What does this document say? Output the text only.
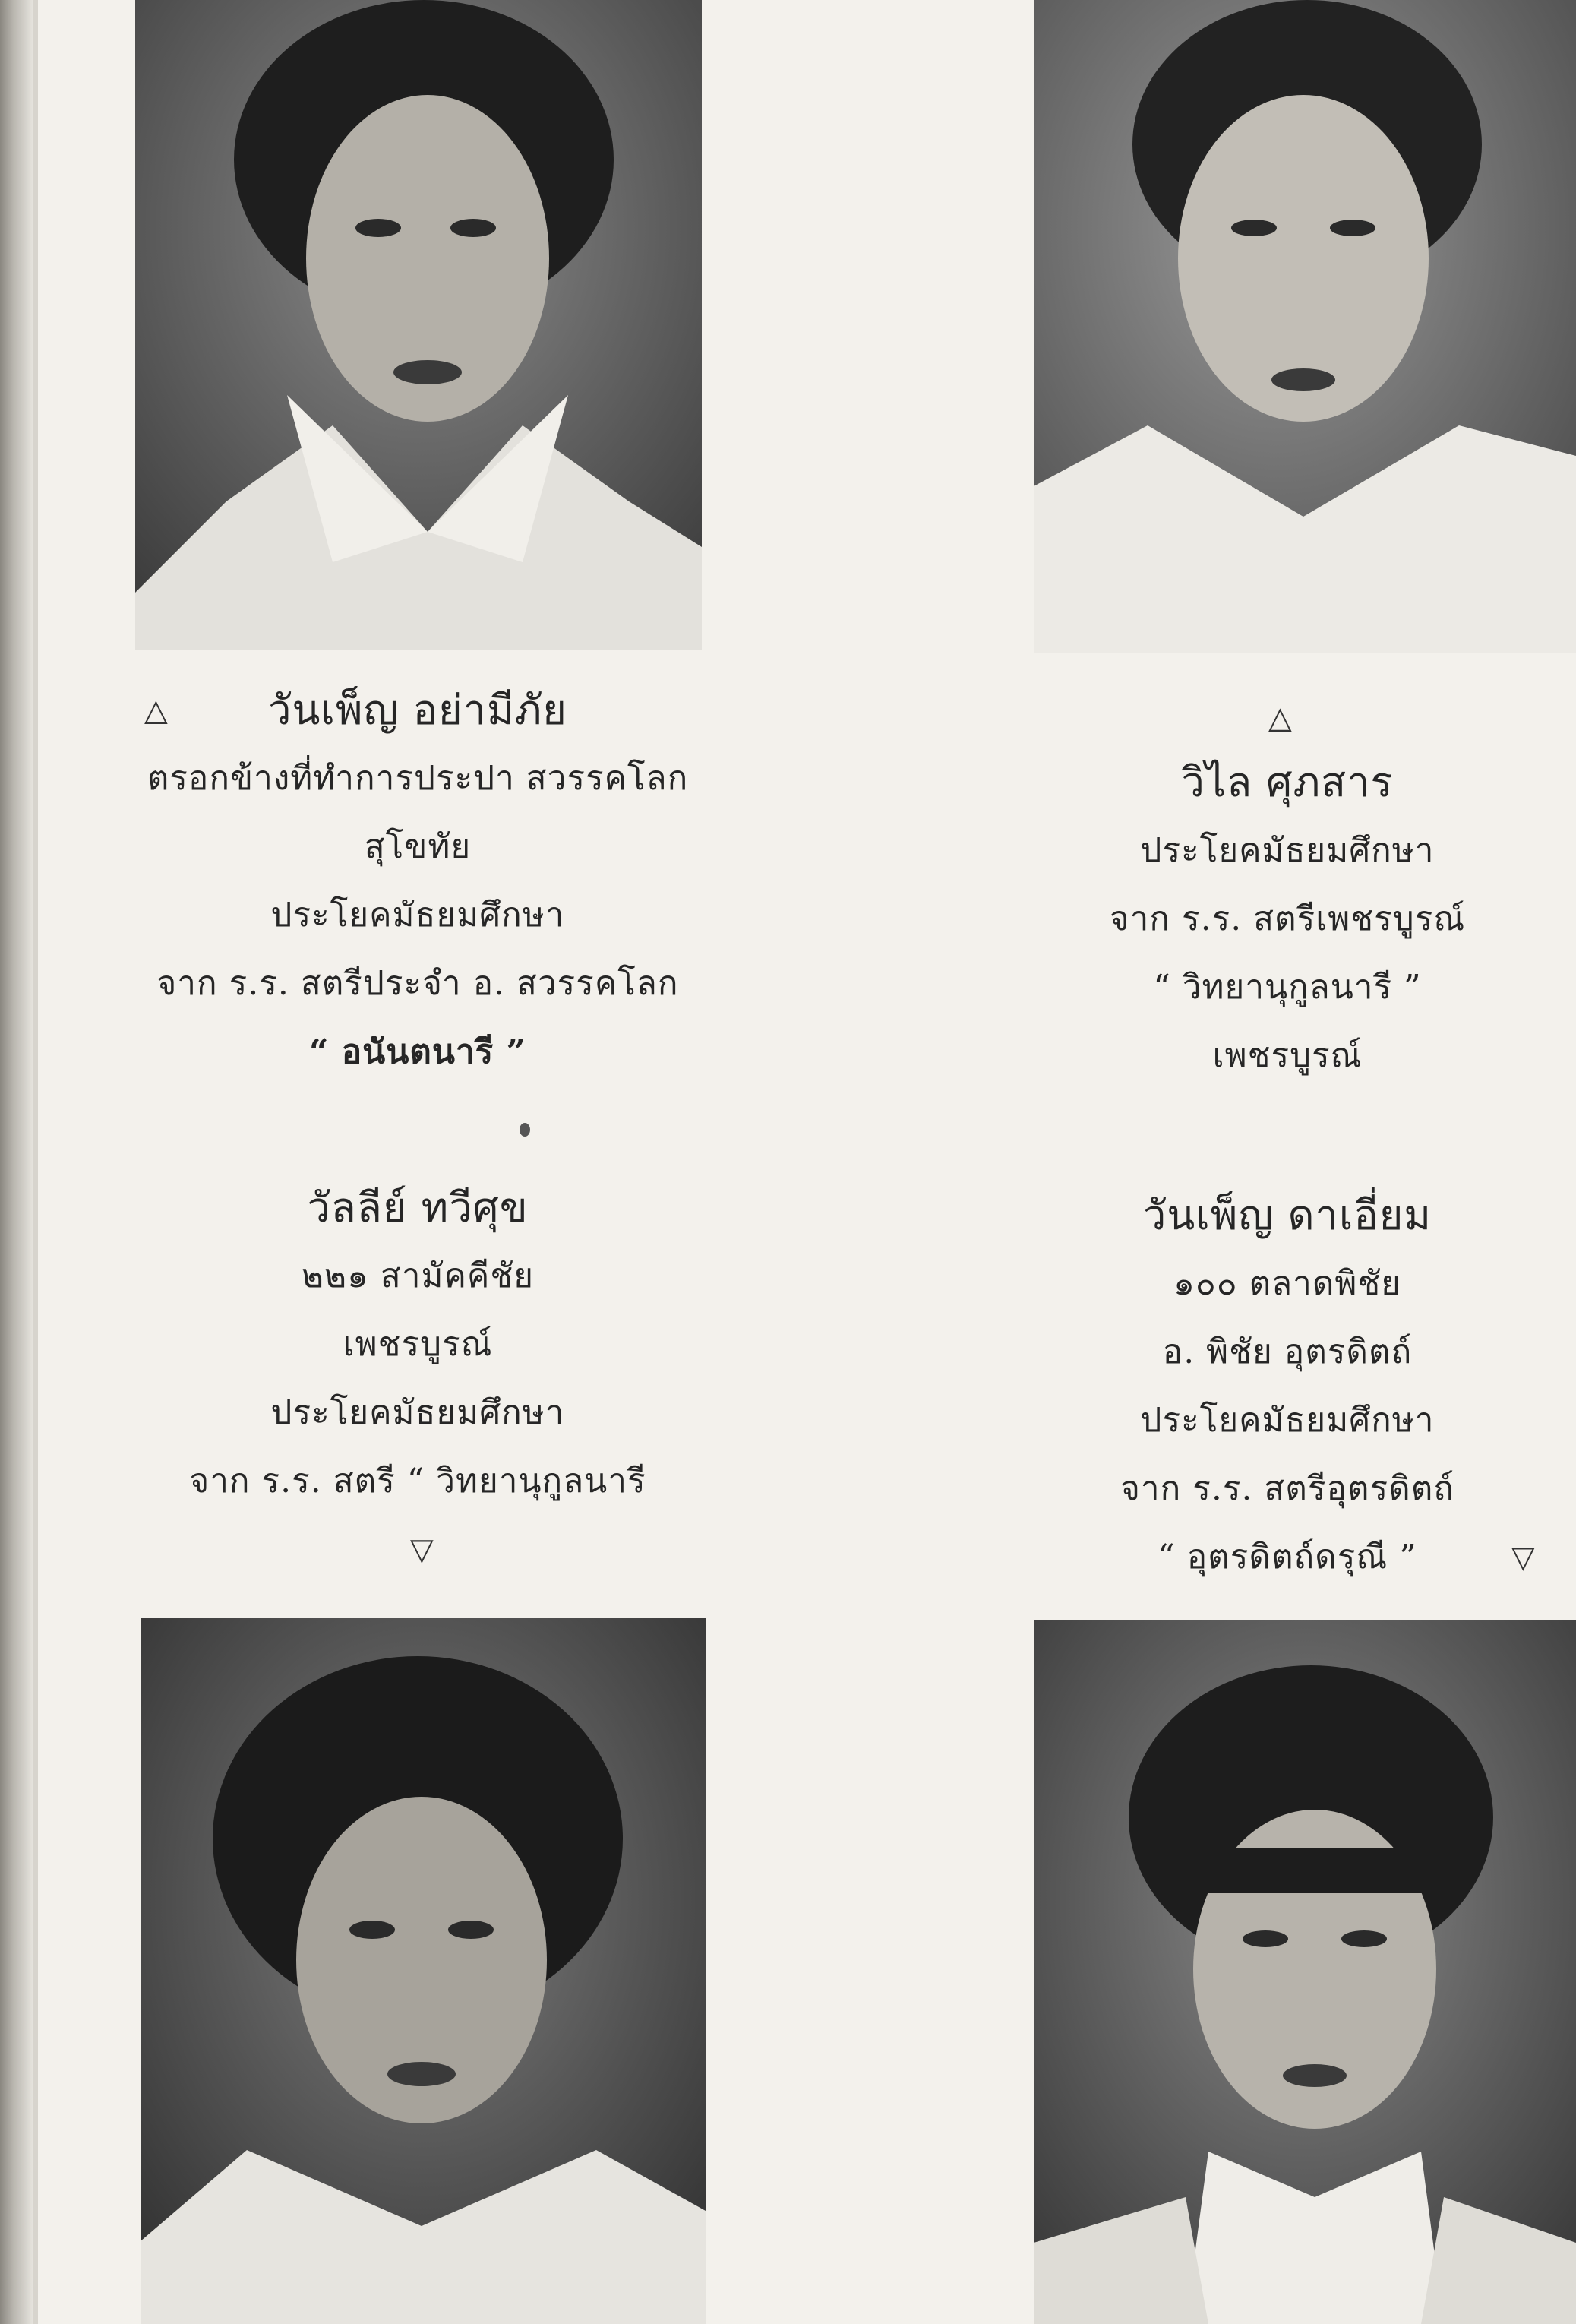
△	△
▽	▽
วันเพ็ญ อย่ามีภัย
ตรอกข้างที่ทำการประปา สวรรคโลก
สุโขทัย
ประโยคมัธยมศึกษา
จาก ร.ร. สตรีประจำ อ. สวรรคโลก
“ อนันตนารี ”
วิไล ศุภสาร
ประโยคมัธยมศึกษา
จาก ร.ร. สตรีเพชรบูรณ์
“ วิทยานุกูลนารี ”
เพชรบูรณ์
วัลลีย์ ทวีศุข
๒๒๑ สามัคคีชัย
เพชรบูรณ์
ประโยคมัธยมศึกษา
จาก ร.ร. สตรี “ วิทยานุกูลนารี
วันเพ็ญ ดาเอี่ยม
๑๐๐ ตลาดพิชัย
อ. พิชัย อุตรดิตถ์
ประโยคมัธยมศึกษา
จาก ร.ร. สตรีอุตรดิตถ์
“ อุตรดิตถ์ดรุณี ”
